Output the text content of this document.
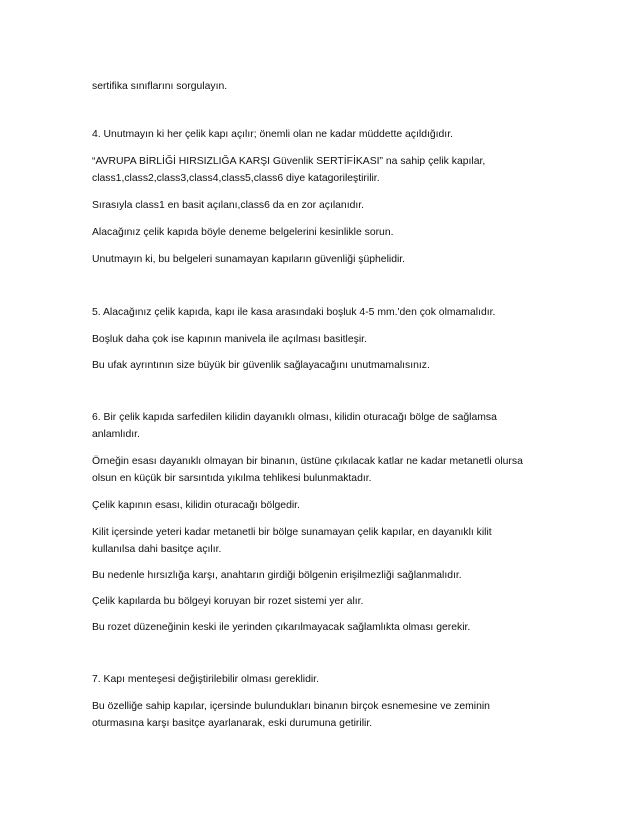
sertifika sınıflarını sorgulayın.

4. Unutmayın ki her çelik kapı açılır; önemli olan ne kadar müddette açıldığıdır.

“AVRUPA BİRLİĞİ HIRSIZLIĞA KARŞI Güvenlik SERTİFİKASI” na sahip çelik kapılar,

class1,class2,class3,class4,class5,class6 diye katagorileştirilir.

Sırasıyla class1 en basit açılanı,class6 da en zor açılanıdır.

Alacağınız çelik kapıda böyle deneme belgelerini kesinlikle sorun.

Unutmayın ki, bu belgeleri sunamayan kapıların güvenliği şüphelidir.

5. Alacağınız çelik kapıda, kapı ile kasa arasındaki boşluk 4-5 mm.'den çok olmamalıdır.

Boşluk daha çok ise kapının manivela ile açılması basitleşir.

Bu ufak ayrıntının size büyük bir güvenlik sağlayacağını unutmamalısınız.

6. Bir çelik kapıda sarfedilen kilidin dayanıklı olması, kilidin oturacağı bölge de sağlamsa

anlamlıdır.

Örneğin esası dayanıklı olmayan bir binanın, üstüne çıkılacak katlar ne kadar metanetli olursa

olsun en küçük bir sarsıntıda yıkılma tehlikesi bulunmaktadır.

Çelik kapının esası, kilidin oturacağı bölgedir.

Kilit içersinde yeteri kadar metanetli bir bölge sunamayan çelik kapılar, en dayanıklı kilit

kullanılsa dahi basitçe açılır.

Bu nedenle hırsızlığa karşı, anahtarın girdiği bölgenin erişilmezliği sağlanmalıdır.

Çelik kapılarda bu bölgeyi koruyan bir rozet sistemi yer alır.

Bu rozet düzeneğinin keski ile yerinden çıkarılmayacak sağlamlıkta olması gerekir.

7. Kapı menteşesi değiştirilebilir olması gereklidir.

Bu özelliğe sahip kapılar, içersinde bulundukları binanın birçok esnemesine ve zeminin

oturmasına karşı basitçe ayarlanarak, eski durumuna getirilir.
